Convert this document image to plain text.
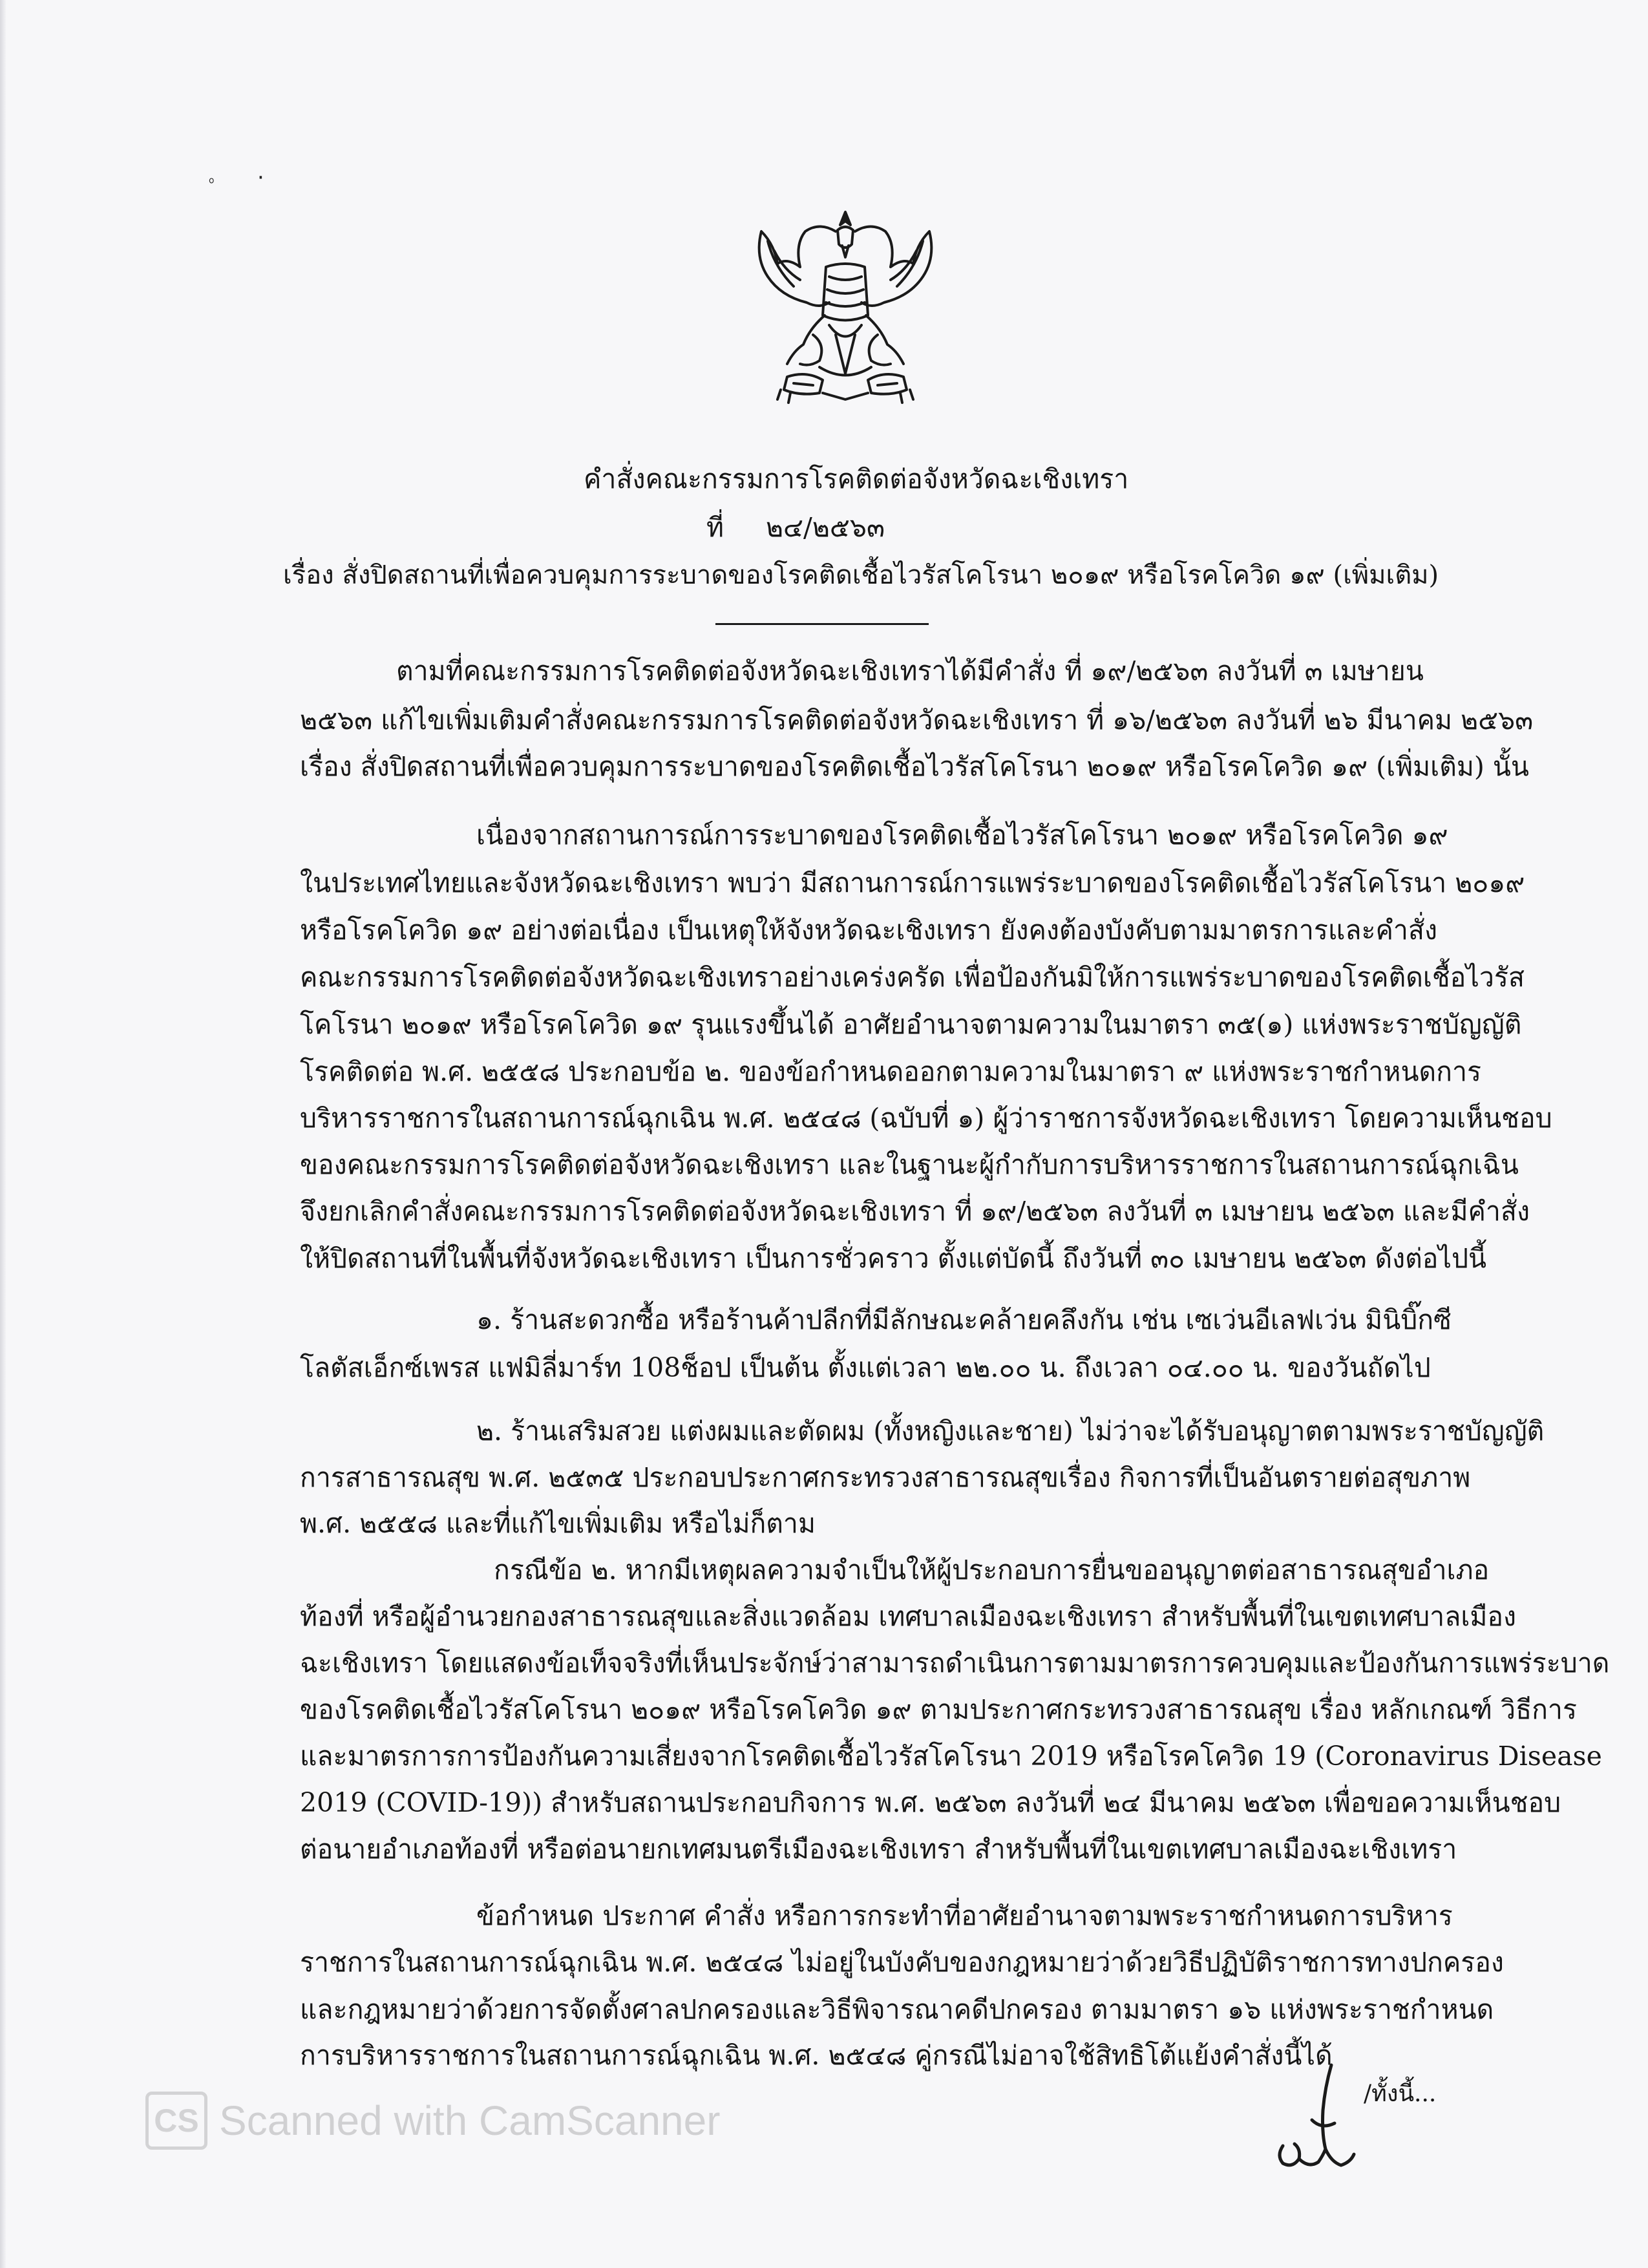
ﾟ ·
คำสั่งคณะกรรมการโรคติดต่อจังหวัดฉะเชิงเทรา
ที่ ๒๔/๒๕๖๓
เรื่อง สั่งปิดสถานที่เพื่อควบคุมการระบาดของโรคติดเชื้อไวรัสโคโรนา ๒๐๑๙ หรือโรคโควิด ๑๙ (เพิ่มเติม)
ตามที่คณะกรรมการโรคติดต่อจังหวัดฉะเชิงเทราได้มีคำสั่ง ที่ ๑๙/๒๕๖๓ ลงวันที่ ๓ เมษายน
๒๕๖๓ แก้ไขเพิ่มเติมคำสั่งคณะกรรมการโรคติดต่อจังหวัดฉะเชิงเทรา ที่ ๑๖/๒๕๖๓ ลงวันที่ ๒๖ มีนาคม ๒๕๖๓
เรื่อง สั่งปิดสถานที่เพื่อควบคุมการระบาดของโรคติดเชื้อไวรัสโคโรนา ๒๐๑๙ หรือโรคโควิด ๑๙ (เพิ่มเติม) นั้น
เนื่องจากสถานการณ์การระบาดของโรคติดเชื้อไวรัสโคโรนา ๒๐๑๙ หรือโรคโควิด ๑๙
ในประเทศไทยและจังหวัดฉะเชิงเทรา พบว่า มีสถานการณ์การแพร่ระบาดของโรคติดเชื้อไวรัสโคโรนา ๒๐๑๙
หรือโรคโควิด ๑๙ อย่างต่อเนื่อง เป็นเหตุให้จังหวัดฉะเชิงเทรา ยังคงต้องบังคับตามมาตรการและคำสั่ง
คณะกรรมการโรคติดต่อจังหวัดฉะเชิงเทราอย่างเคร่งครัด เพื่อป้องกันมิให้การแพร่ระบาดของโรคติดเชื้อไวรัส
โคโรนา ๒๐๑๙ หรือโรคโควิด ๑๙ รุนแรงขึ้นได้ อาศัยอำนาจตามความในมาตรา ๓๕(๑) แห่งพระราชบัญญัติ
โรคติดต่อ พ.ศ. ๒๕๕๘ ประกอบข้อ ๒. ของข้อกำหนดออกตามความในมาตรา ๙ แห่งพระราชกำหนดการ
บริหารราชการในสถานการณ์ฉุกเฉิน พ.ศ. ๒๕๔๘ (ฉบับที่ ๑) ผู้ว่าราชการจังหวัดฉะเชิงเทรา โดยความเห็นชอบ
ของคณะกรรมการโรคติดต่อจังหวัดฉะเชิงเทรา และในฐานะผู้กำกับการบริหารราชการในสถานการณ์ฉุกเฉิน
จึงยกเลิกคำสั่งคณะกรรมการโรคติดต่อจังหวัดฉะเชิงเทรา ที่ ๑๙/๒๕๖๓ ลงวันที่ ๓ เมษายน ๒๕๖๓ และมีคำสั่ง
ให้ปิดสถานที่ในพื้นที่จังหวัดฉะเชิงเทรา เป็นการชั่วคราว ตั้งแต่บัดนี้ ถึงวันที่ ๓๐ เมษายน ๒๕๖๓ ดังต่อไปนี้
๑. ร้านสะดวกซื้อ หรือร้านค้าปลีกที่มีลักษณะคล้ายคลึงกัน เช่น เซเว่นอีเลฟเว่น มินิบิ๊กซี
โลตัสเอ็กซ์เพรส แฟมิลี่มาร์ท 108ช็อป เป็นต้น ตั้งแต่เวลา ๒๒.๐๐ น. ถึงเวลา ๐๔.๐๐ น. ของวันถัดไป
๒. ร้านเสริมสวย แต่งผมและตัดผม (ทั้งหญิงและชาย) ไม่ว่าจะได้รับอนุญาตตามพระราชบัญญัติ
การสาธารณสุข พ.ศ. ๒๕๓๕ ประกอบประกาศกระทรวงสาธารณสุขเรื่อง กิจการที่เป็นอันตรายต่อสุขภาพ
พ.ศ. ๒๕๕๘ และที่แก้ไขเพิ่มเติม หรือไม่ก็ตาม
กรณีข้อ ๒. หากมีเหตุผลความจำเป็นให้ผู้ประกอบการยื่นขออนุญาตต่อสาธารณสุขอำเภอ
ท้องที่ หรือผู้อำนวยกองสาธารณสุขและสิ่งแวดล้อม เทศบาลเมืองฉะเชิงเทรา สำหรับพื้นที่ในเขตเทศบาลเมือง
ฉะเชิงเทรา โดยแสดงข้อเท็จจริงที่เห็นประจักษ์ว่าสามารถดำเนินการตามมาตรการควบคุมและป้องกันการแพร่ระบาด
ของโรคติดเชื้อไวรัสโคโรนา ๒๐๑๙ หรือโรคโควิด ๑๙ ตามประกาศกระทรวงสาธารณสุข เรื่อง หลักเกณฑ์ วิธีการ
และมาตรการการป้องกันความเสี่ยงจากโรคติดเชื้อไวรัสโคโรนา 2019 หรือโรคโควิด 19 (Coronavirus Disease
2019 (COVID-19)) สำหรับสถานประกอบกิจการ พ.ศ. ๒๕๖๓ ลงวันที่ ๒๔ มีนาคม ๒๕๖๓ เพื่อขอความเห็นชอบ
ต่อนายอำเภอท้องที่ หรือต่อนายกเทศมนตรีเมืองฉะเชิงเทรา สำหรับพื้นที่ในเขตเทศบาลเมืองฉะเชิงเทรา
ข้อกำหนด ประกาศ คำสั่ง หรือการกระทำที่อาศัยอำนาจตามพระราชกำหนดการบริหาร
ราชการในสถานการณ์ฉุกเฉิน พ.ศ. ๒๕๔๘ ไม่อยู่ในบังคับของกฎหมายว่าด้วยวิธีปฏิบัติราชการทางปกครอง
และกฎหมายว่าด้วยการจัดตั้งศาลปกครองและวิธีพิจารณาคดีปกครอง ตามมาตรา ๑๖ แห่งพระราชกำหนด
การบริหารราชการในสถานการณ์ฉุกเฉิน พ.ศ. ๒๕๔๘ คู่กรณีไม่อาจใช้สิทธิโต้แย้งคำสั่งนี้ได้
CS Scanned with CamScanner
/ทั้งนี้...
